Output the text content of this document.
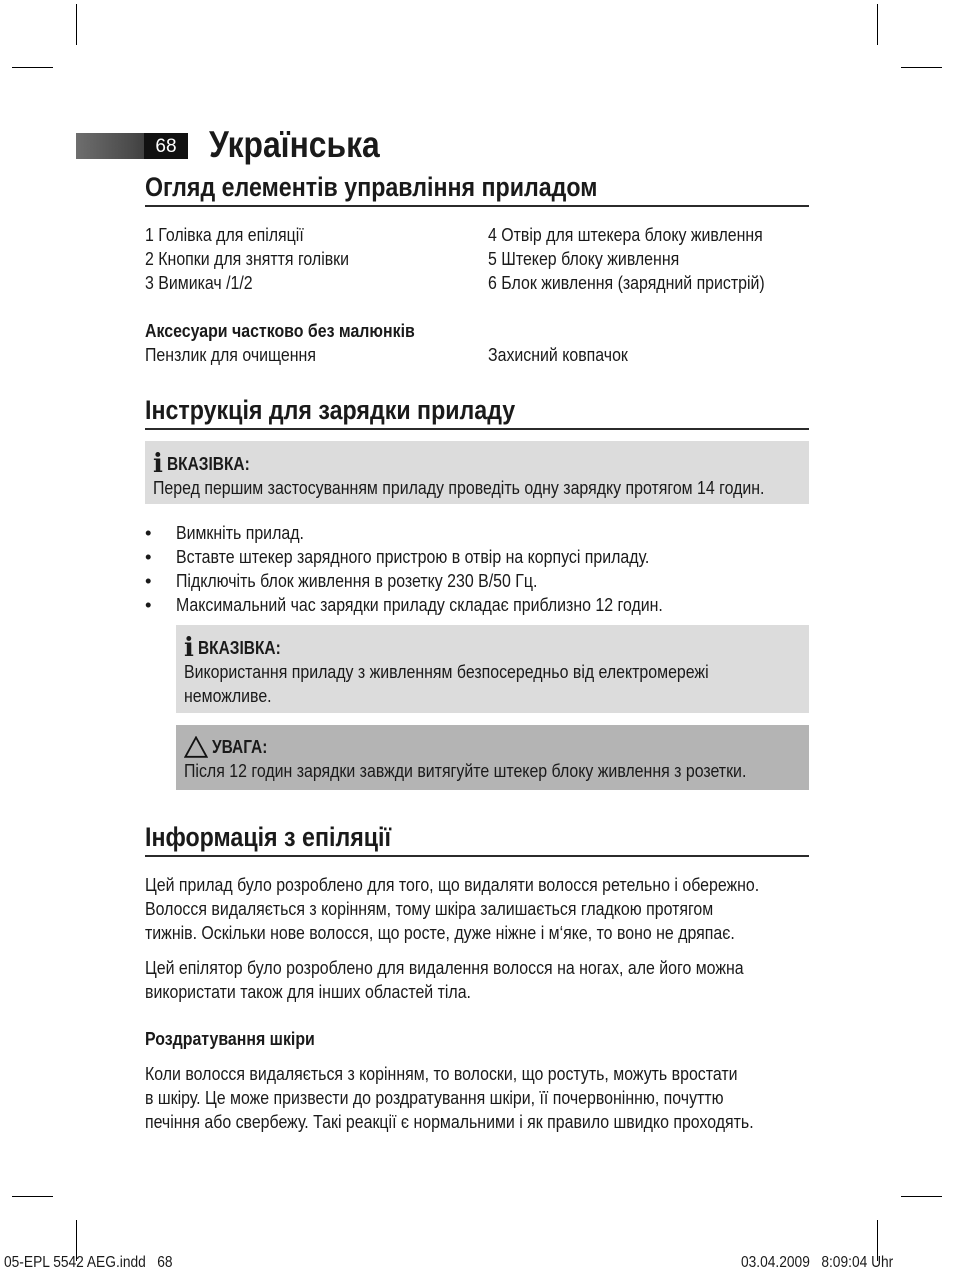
68 Українська
Огляд елементів управління приладом
1 Голівка для епіляції
2 Кнопки для зняття голівки
3 Вимикач /1/2
4 Отвір для штекера блоку живлення
5 Штекер блоку живлення
6 Блок живлення (зарядний пристрій)
Аксесуари частково без малюнків
Пензлик для очищення	Захисний ковпачок
Інструкція для зарядки приладу
i ВКАЗІВКА:
Перед першим застосуванням приладу проведіть одну зарядку протягом 14 годин.
• Вимкніть прилад.
• Вставте штекер зарядного пристрою в отвір на корпусі приладу.
• Підключіть блок живлення в розетку 230 В/50 Гц.
• Максимальний час зарядки приладу складає приблизно 12 годин.
i ВКАЗІВКА:
Використання приладу з живленням безпосередньо від електромережі
неможливе.
УВАГА:
Після 12 годин зарядки завжди витягуйте штекер блоку живлення з розетки.
Інформація з епіляції
Цей прилад було розроблено для того, що видаляти волосся ретельно і обережно.
Волосся видаляється з корінням, тому шкіра залишається гладкою протягом
тижнів. Оскільки нове волосся, що росте, дуже ніжне і м‘яке, то воно не дряпає.
Цей епілятор було розроблено для видалення волосся на ногах, але його можна
використати також для інших областей тіла.
Роздратування шкіри
Коли волосся видаляється з корінням, то волоски, що ростуть, можуть вростати
в шкіру. Це може призвести до роздратування шкіри, її почервонінню, почуттю
печіння або свербежу. Такі реакції є нормальними і як правило швидко проходять.
05-EPL 5542 AEG.indd   68	03.04.2009   8:09:04 Uhr
